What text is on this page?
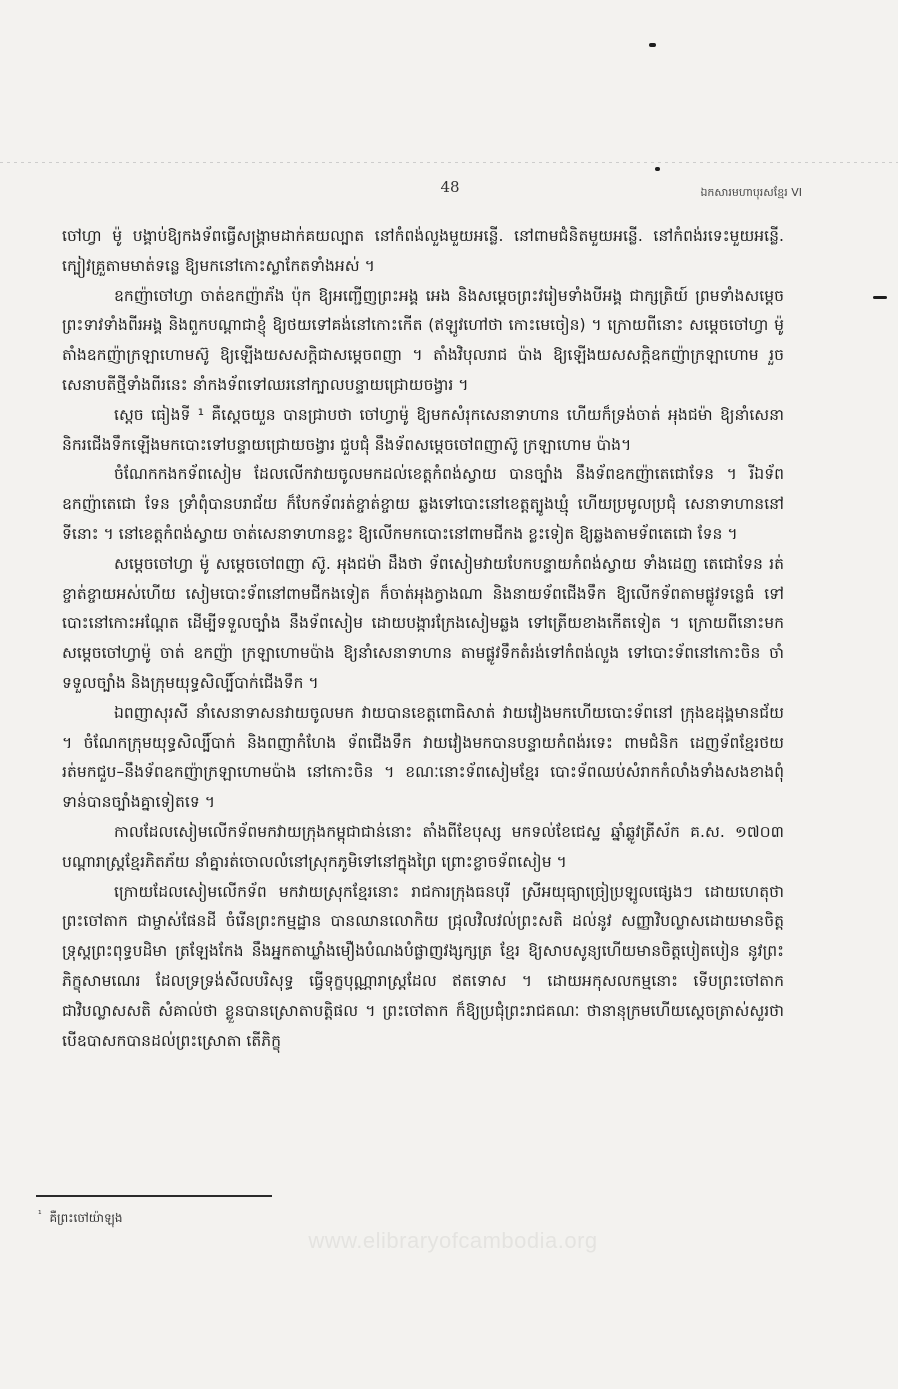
48	ឯកសារមហាបុរសខ្មែរ VI

ចៅហ្វា ម៉ូ បង្គាប់ឱ្យកងទ័ពធ្វើសង្គ្រាមដាក់គយល្បាត នៅកំពង់លួងមួយអន្លើ. នៅពាមជំនិតមួយអន្លើ. នៅកំពង់រទេះមួយអន្លើ. ក្បៀវគ្រួតាមមាត់ទន្លេ ឱ្យមកនៅកោះស្លាកែតទាំងអស់ ។

ឧកញ៉ាចៅហ្វា ចាត់ឧកញ៉ាភ័ង ប៉ុក ឱ្យអញ្ជើញព្រះអង្គ អេង និងសម្ដេចព្រះវរៀមទាំងបីអង្គ ជាក្សត្រិយ៍ ព្រមទាំងសម្ដេចព្រះទាវទាំងពីរអង្គ និងពួកបណ្ដាជាខ្ញុំ ឱ្យថយទៅគង់នៅកោះកើត (ឥឡូវហៅថា កោះមេចៀន) ។ ក្រោយពីនោះ សម្ដេចចៅហ្វា ម៉ូ តាំងឧកញ៉ាក្រឡាហោមស៊ូ ឱ្យឡើងយសសក្ដិជាសម្ដេចពញា ។ តាំងវិបុលរាជ ប៉ាង ឱ្យឡើងយសសក្ដិឧកញ៉ាក្រឡាហោម រួចសេនាបតីថ្មីទាំងពីរនេះ នាំកងទ័ពទៅឈរនៅក្បាលបន្ទាយជ្រោយចង្វារ ។

ស្ដេច ធៀងទី ¹ គឺស្ដេចយួន បានជ្រាបថា ចៅហ្វាម៉ូ ឱ្យមកសំរុកសេនាទាហាន ហើយក៏ទ្រង់ចាត់ អុងជម៉ា ឱ្យនាំសេនានិករជើងទឹកឡើងមកបោះទៅបន្ទាយជ្រោយចង្វារ ជួបជុំ នឹងទ័ពសម្ដេចចៅពញាស៊ូ ក្រឡាហោម ប៉ាង។

ចំណែកកងកទ័ពសៀម ដែលលើកវាយចូលមកដល់ខេត្តកំពង់ស្វាយ បានច្បាំង នឹងទ័ពឧកញ៉ាតេជោទែន ។ រីឯទ័ពឧកញ៉ាតេជោ ទែន ទ្រាំពុំបានបរាជ័យ ក៏បែកទ័ពរត់ខ្ចាត់ខ្ចាយ ឆ្លងទៅបោះនៅខេត្តត្បូងឃ្មុំ ហើយប្រមូលប្រជុំ សេនាទាហាននៅទីនោះ ។ នៅខេត្តកំពង់ស្វាយ ចាត់សេនាទាហានខ្លះ ឱ្យលើកមកបោះនៅពាមជីកង ខ្លះទៀត ឱ្យឆ្លងតាមទ័ពតេជោ ទែន ។

សម្ដេចចៅហ្វា ម៉ូ សម្ដេចចៅពញា ស៊ូ. អុងជម៉ា ដឹងថា ទ័ពសៀមវាយបែកបន្ទាយកំពង់ស្វាយ ទាំងដេញ តេជោទែន រត់ខ្ចាត់ខ្ចាយអស់ហើយ សៀមបោះទ័ពនៅពាមជីកងទៀត ក៏ចាត់អុងក្វាងណា និងនាយទ័ពជើងទឹក ឱ្យលើកទ័ពតាមផ្លូវទន្លេធំ ទៅបោះនៅកោះអណ្ដែត ដើម្បីទទួលច្បាំង នឹងទ័ពសៀម ដោយបង្ការក្រែងសៀមឆ្លង ទៅត្រើយខាងកើតទៀត ។ ក្រោយពីនោះមក សម្ដេចចៅហ្វាម៉ូ ចាត់ ឧកញ៉ា ក្រឡាហោមប៉ាង ឱ្យនាំសេនាទាហាន តាមផ្លូវទឹកតំរង់ទៅកំពង់លួង ទៅបោះទ័ពនៅកោះចិន ចាំទទួលច្បាំង និងក្រុមយុទ្ធសិល្បិ៍បាក់ជើងទឹក ។

ឯពញាសុរសី នាំសេនាទាសនវាយចូលមក វាយបានខេត្តពោធិសាត់ វាយវៀងមកហើយបោះទ័ពនៅ ក្រុងឧដុង្គមានជ័យ ។ ចំណែកក្រុមយុទ្ធសិល្បិ៍បាក់ និងពញាកំហែង ទ័ពជើងទឹក វាយវៀងមកបានបន្ទាយកំពង់រទេះ ពាមជំនិក ដេញទ័ពខ្មែរថយរត់មកជួប–នឹងទ័ពឧកញ៉ាក្រឡាហោមប៉ាង នៅកោះចិន ។ ខណៈនោះទ័ពសៀមខ្មែរ បោះទ័ពឈប់សំរាកកំលាំងទាំងសងខាងពុំទាន់បានច្បាំងគ្នាទៀតទេ ។

កាលដែលសៀមលើកទ័ពមកវាយក្រុងកម្ពុជាជាន់នោះ តាំងពីខែបុស្ស មកទល់ខែជេស្ឋ ឆ្នាំឆ្លូវត្រីស័ក គ.ស. ១៧០៣ បណ្ដារាស្ត្រខ្មែរភិតភ័យ នាំគ្នារត់ចោលលំនៅស្រុកភូមិទៅនៅក្នុងព្រៃ ព្រោះខ្លាចទ័ពសៀម ។

ក្រោយដែលសៀមលើកទ័ព មកវាយស្រុកខ្មែរនោះ រាជការក្រុងធនបុរី ស្រីអយុធ្យាច្រៀប្រឡូលផ្សេងៗ ដោយហេតុថាព្រះចៅតាក ជាម្ចាស់ផែនដី ចំរើនព្រះកម្មដ្ឋាន បានឈានលោកិយ ជ្រុលវិលវល់ព្រះសតិ ដល់នូវ សញ្ញាវិបល្លាសដោយមានចិត្តទ្រុស្តព្រះពុទ្ធបដិមា ត្រឡែងកែង នឹងអ្នកតាឃ្លាំងមឿងបំណងបំផ្លាញវង្សក្សត្រ ខ្មែរ ឱ្យសាបសូន្យហើយមានចិត្តបៀតបៀន នូវព្រះភិក្ខុសាមណេរ ដែលទ្រទ្រង់សីលបរិសុទ្ធ ធ្វើទុក្ខបុណ្ណារាស្ត្រដែល ឥតទោស ។ ដោយអកុសលកម្មនោះ ទើបព្រះចៅតាកជាវិបល្លាសសតិ សំគាល់ថា ខ្លួនបានស្រោតាបត្តិផល ។ ព្រះចៅតាក ក៏ឱ្យប្រជុំព្រះរាជគណៈ ថានានុក្រមហើយស្ដេចត្រាស់សួរថា បើឧបាសកបានដល់ព្រះស្រោតា តើភិក្ខុ

$^{^1}$ គឺព្រះចៅយ៉ាឡុង
www.elibraryofcambodia.org
